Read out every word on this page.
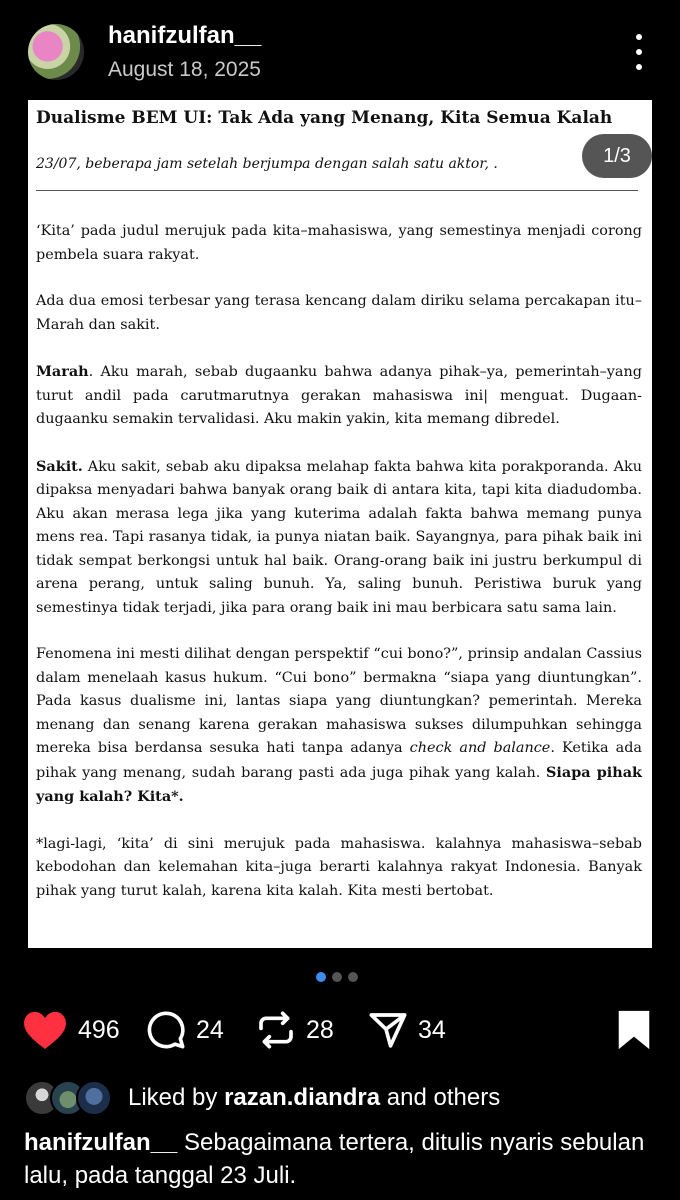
hanifzulfan__
August 18, 2025
Dualisme BEM UI: Tak Ada yang Menang, Kita Semua Kalah
23/07, beberapa jam setelah berjumpa dengan salah satu aktor, .	1/3

‘Kita’ pada judul merujuk pada kita–mahasiswa, yang semestinya menjadi corong pembela suara rakyat.

Ada dua emosi terbesar yang terasa kencang dalam diriku selama percakapan itu–Marah dan sakit.

Marah. Aku marah, sebab dugaanku bahwa adanya pihak–ya, pemerintah–yang turut andil pada carutmarutnya gerakan mahasiswa ini| menguat. Dugaan-dugaanku semakin tervalidasi. Aku makin yakin, kita memang dibredel.

Sakit. Aku sakit, sebab aku dipaksa melahap fakta bahwa kita porakporanda. Aku dipaksa menyadari bahwa banyak orang baik di antara kita, tapi kita diadudomba. Aku akan merasa lega jika yang kuterima adalah fakta bahwa memang punya mens rea. Tapi rasanya tidak, ia punya niatan baik. Sayangnya, para pihak baik ini tidak sempat berkongsi untuk hal baik. Orang-orang baik ini justru berkumpul di arena perang, untuk saling bunuh. Ya, saling bunuh. Peristiwa buruk yang semestinya tidak terjadi, jika para orang baik ini mau berbicara satu sama lain.

Fenomena ini mesti dilihat dengan perspektif “cui bono?”, prinsip andalan Cassius dalam menelaah kasus hukum. “Cui bono” bermakna “siapa yang diuntungkan”. Pada kasus dualisme ini, lantas siapa yang diuntungkan? pemerintah. Mereka menang dan senang karena gerakan mahasiswa sukses dilumpuhkan sehingga mereka bisa berdansa sesuka hati tanpa adanya check and balance. Ketika ada pihak yang menang, sudah barang pasti ada juga pihak yang kalah. Siapa pihak yang kalah? Kita*.

*lagi-lagi, ‘kita’ di sini merujuk pada mahasiswa. kalahnya mahasiswa–sebab kebodohan dan kelemahan kita–juga berarti kalahnya rakyat Indonesia. Banyak pihak yang turut kalah, karena kita kalah. Kita mesti bertobat.

496	24	28	34
Liked by razan.diandra and others
hanifzulfan__ Sebagaimana tertera, ditulis nyaris sebulan lalu, pada tanggal 23 Juli.
